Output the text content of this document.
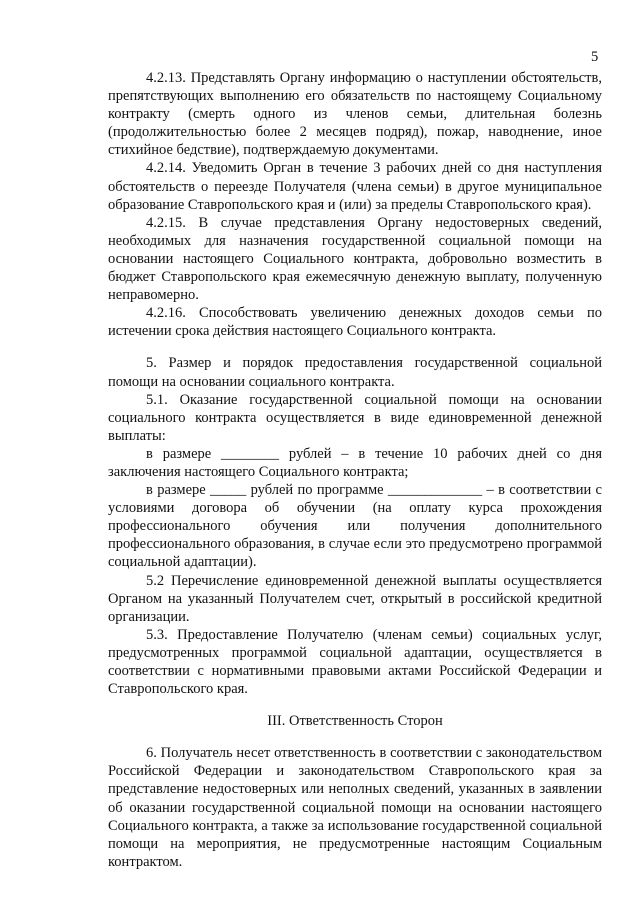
5

4.2.13. Представлять Органу информацию о наступлении обстоятельств, препятствующих выполнению его обязательств по настоящему Социальному контракту (смерть одного из членов семьи, длительная болезнь (продолжительностью более 2 месяцев подряд), пожар, наводнение, иное стихийное бедствие), подтверждаемую документами.

4.2.14. Уведомить Орган в течение 3 рабочих дней со дня наступления обстоятельств о переезде Получателя (члена семьи) в другое муниципальное образование Ставропольского края и (или) за пределы Ставропольского края).

4.2.15. В случае представления Органу недостоверных сведений, необходимых для назначения государственной социальной помощи на основании настоящего Социального контракта, добровольно возместить в бюджет Ставропольского края ежемесячную денежную выплату, полученную неправомерно.

4.2.16. Способствовать увеличению денежных доходов семьи по истечении срока действия настоящего Социального контракта.

5. Размер и порядок предоставления государственной социальной помощи на основании социального контракта.

5.1. Оказание государственной социальной помощи на основании социального контракта осуществляется в виде единовременной денежной выплаты:

в размере ________ рублей – в течение 10 рабочих дней со дня заключения настоящего Социального контракта;

в размере _____ рублей по программе _____________ – в соответствии с условиями договора об обучении (на оплату курса прохождения профессионального обучения или получения дополнительного профессионального образования, в случае если это предусмотрено программой социальной адаптации).

5.2 Перечисление единовременной денежной выплаты осуществляется Органом на указанный Получателем счет, открытый в российской кредитной организации.

5.3. Предоставление Получателю (членам семьи) социальных услуг, предусмотренных программой социальной адаптации, осуществляется в соответствии с нормативными правовыми актами Российской Федерации и Ставропольского края.

III. Ответственность Сторон

6. Получатель несет ответственность в соответствии с законодательством Российской Федерации и законодательством Ставропольского края за представление недостоверных или неполных сведений, указанных в заявлении об оказании государственной социальной помощи на основании настоящего Социального контракта, а также за использование государственной социальной помощи на мероприятия, не предусмотренные настоящим Социальным контрактом.
